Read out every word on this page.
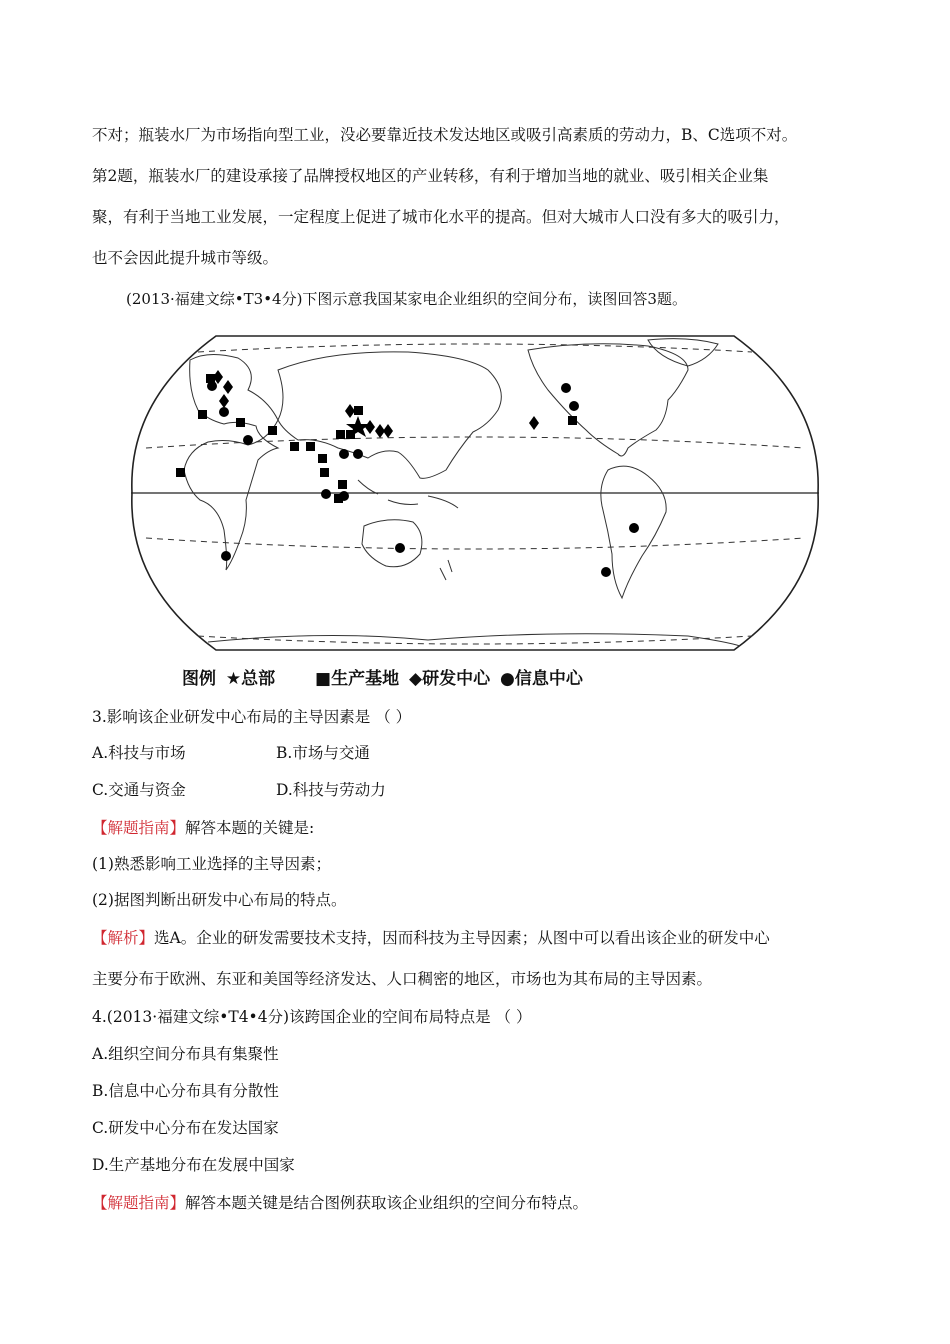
不对；瓶装水厂为市场指向型工业，没必要靠近技术发达地区或吸引高素质的劳动力，B、C选项不对。
第2题，瓶装水厂的建设承接了品牌授权地区的产业转移，有利于增加当地的就业、吸引相关企业集
聚，有利于当地工业发展，一定程度上促进了城市化水平的提高。但对大城市人口没有多大的吸引力，
也不会因此提升城市等级。
(2013·福建文综•T3•4分)下图示意我国某家电企业组织的空间分布，读图回答3题。
图例 ★总部 ■生产基地 ◆研发中心 ●信息中心
3.影响该企业研发中心布局的主导因素是 （ ）
A.科技与市场	B.市场与交通
C.交通与资金	D.科技与劳动力
【解题指南】解答本题的关键是:
(1)熟悉影响工业选择的主导因素；
(2)据图判断出研发中心布局的特点。
【解析】选A。企业的研发需要技术支持，因而科技为主导因素；从图中可以看出该企业的研发中心
主要分布于欧洲、东亚和美国等经济发达、人口稠密的地区，市场也为其布局的主导因素。
4.(2013·福建文综•T4•4分)该跨国企业的空间布局特点是 （ ）
A.组织空间分布具有集聚性
B.信息中心分布具有分散性
C.研发中心分布在发达国家
D.生产基地分布在发展中国家
【解题指南】解答本题关键是结合图例获取该企业组织的空间分布特点。
